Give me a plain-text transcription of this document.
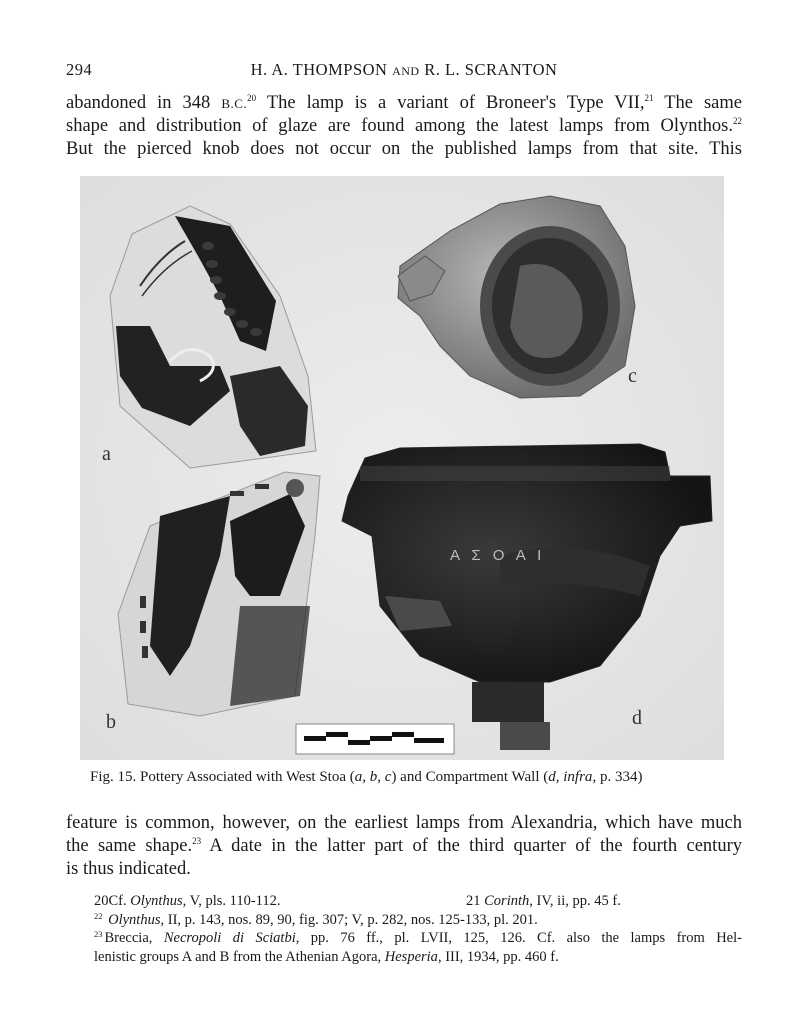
294	H. A. THOMPSON AND R. L. SCRANTON
abandoned in 348 B.C.$^{20}$ The lamp is a variant of Broneer's Type VII,$^{21}$ The same
shape and distribution of glaze are found among the latest lamps from Olynthos.$^{22}$
But the pierced knob does not occur on the published lamps from that site. This
a
b
c
Α Σ Ο Α Ι
d
Fig. 15. Pottery Associated with West Stoa (a, b, c) and Compartment Wall (d, infra, p. 334)
feature is common, however, on the earliest lamps from Alexandria, which have much
the same shape.$^{23}$ A date in the latter part of the third quarter of the fourth century
is thus indicated.
20Cf. Olynthus, V, pls. 110-112.	21 Corinth, IV, ii, pp. 45 f.
$^{22}$ Olynthus, II, p. 143, nos. 89, 90, fig. 307; V, p. 282, nos. 125-133, pl. 201.
$^{23}$ Breccia, Necropoli di Sciatbi, pp. 76 ff., pl. LVII, 125, 126. Cf. also the lamps from Hel-
lenistic groups A and B from the Athenian Agora, Hesperia, III, 1934, pp. 460 f.
